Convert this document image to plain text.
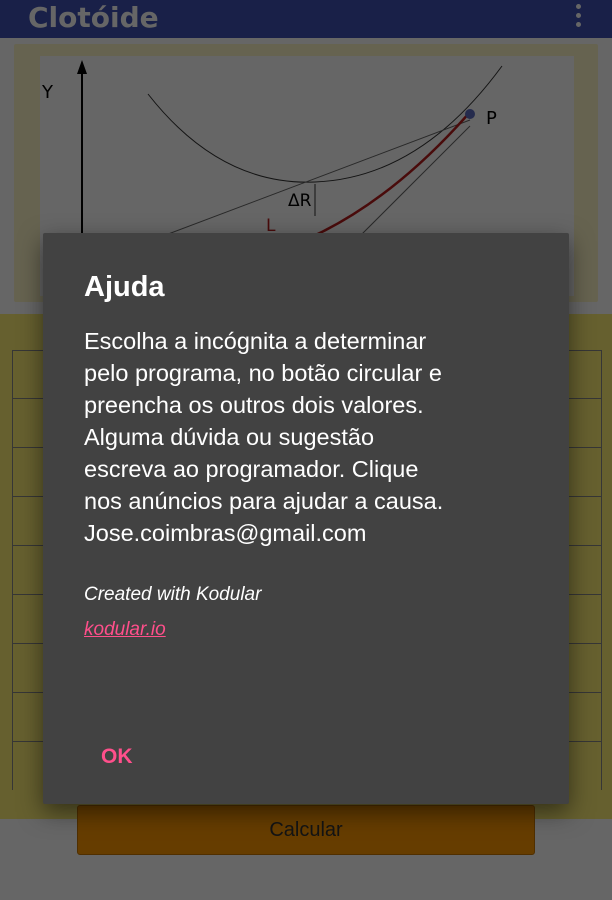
Ajuda
Escolha a incógnita a determinar
pelo programa, no botão circular e
preencha os outros dois valores.
Alguma dúvida ou sugestão
escreva ao programador. Clique
nos anúncios para ajudar a causa.
Jose.coimbras@gmail.com
Created with Kodular
kodular.io
OK
